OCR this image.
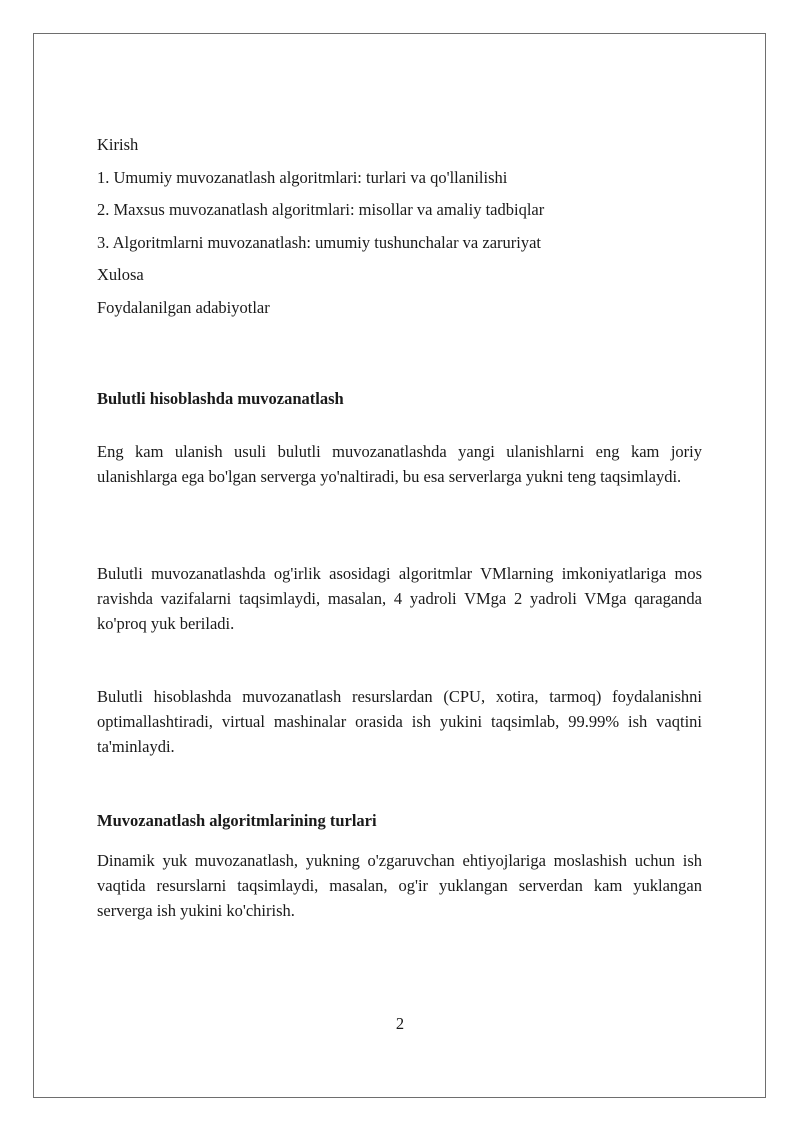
Kirish
1. Umumiy muvozanatlash algoritmlari: turlari va qo'llanilishi
2. Maxsus muvozanatlash algoritmlari: misollar va amaliy tadbiqlar
3. Algoritmlarni muvozanatlash: umumiy tushunchalar va zaruriyat
Xulosa
Foydalanilgan adabiyotlar
Bulutli hisoblashda muvozanatlash
Eng kam ulanish usuli bulutli muvozanatlashda yangi ulanishlarni eng kam joriy ulanishlarga ega bo'lgan serverga yo'naltiradi, bu esa serverlarga yukni teng taqsimlaydi.
Bulutli muvozanatlashda og'irlik asosidagi algoritmlar VMlarning imkoniyatlariga mos ravishda vazifalarni taqsimlaydi, masalan, 4 yadroli VMga 2 yadroli VMga qaraganda ko'proq yuk beriladi.
Bulutli hisoblashda muvozanatlash resurslardan (CPU, xotira, tarmoq) foydalanishni optimallashtiradi, virtual mashinalar orasida ish yukini taqsimlab, 99.99% ish vaqtini ta'minlaydi.
Muvozanatlash algoritmlarining turlari
Dinamik yuk muvozanatlash, yukning o'zgaruvchan ehtiyojlariga moslashish uchun ish vaqtida resurslarni taqsimlaydi, masalan, og'ir yuklangan serverdan kam yuklangan serverga ish yukini ko'chirish.
2
